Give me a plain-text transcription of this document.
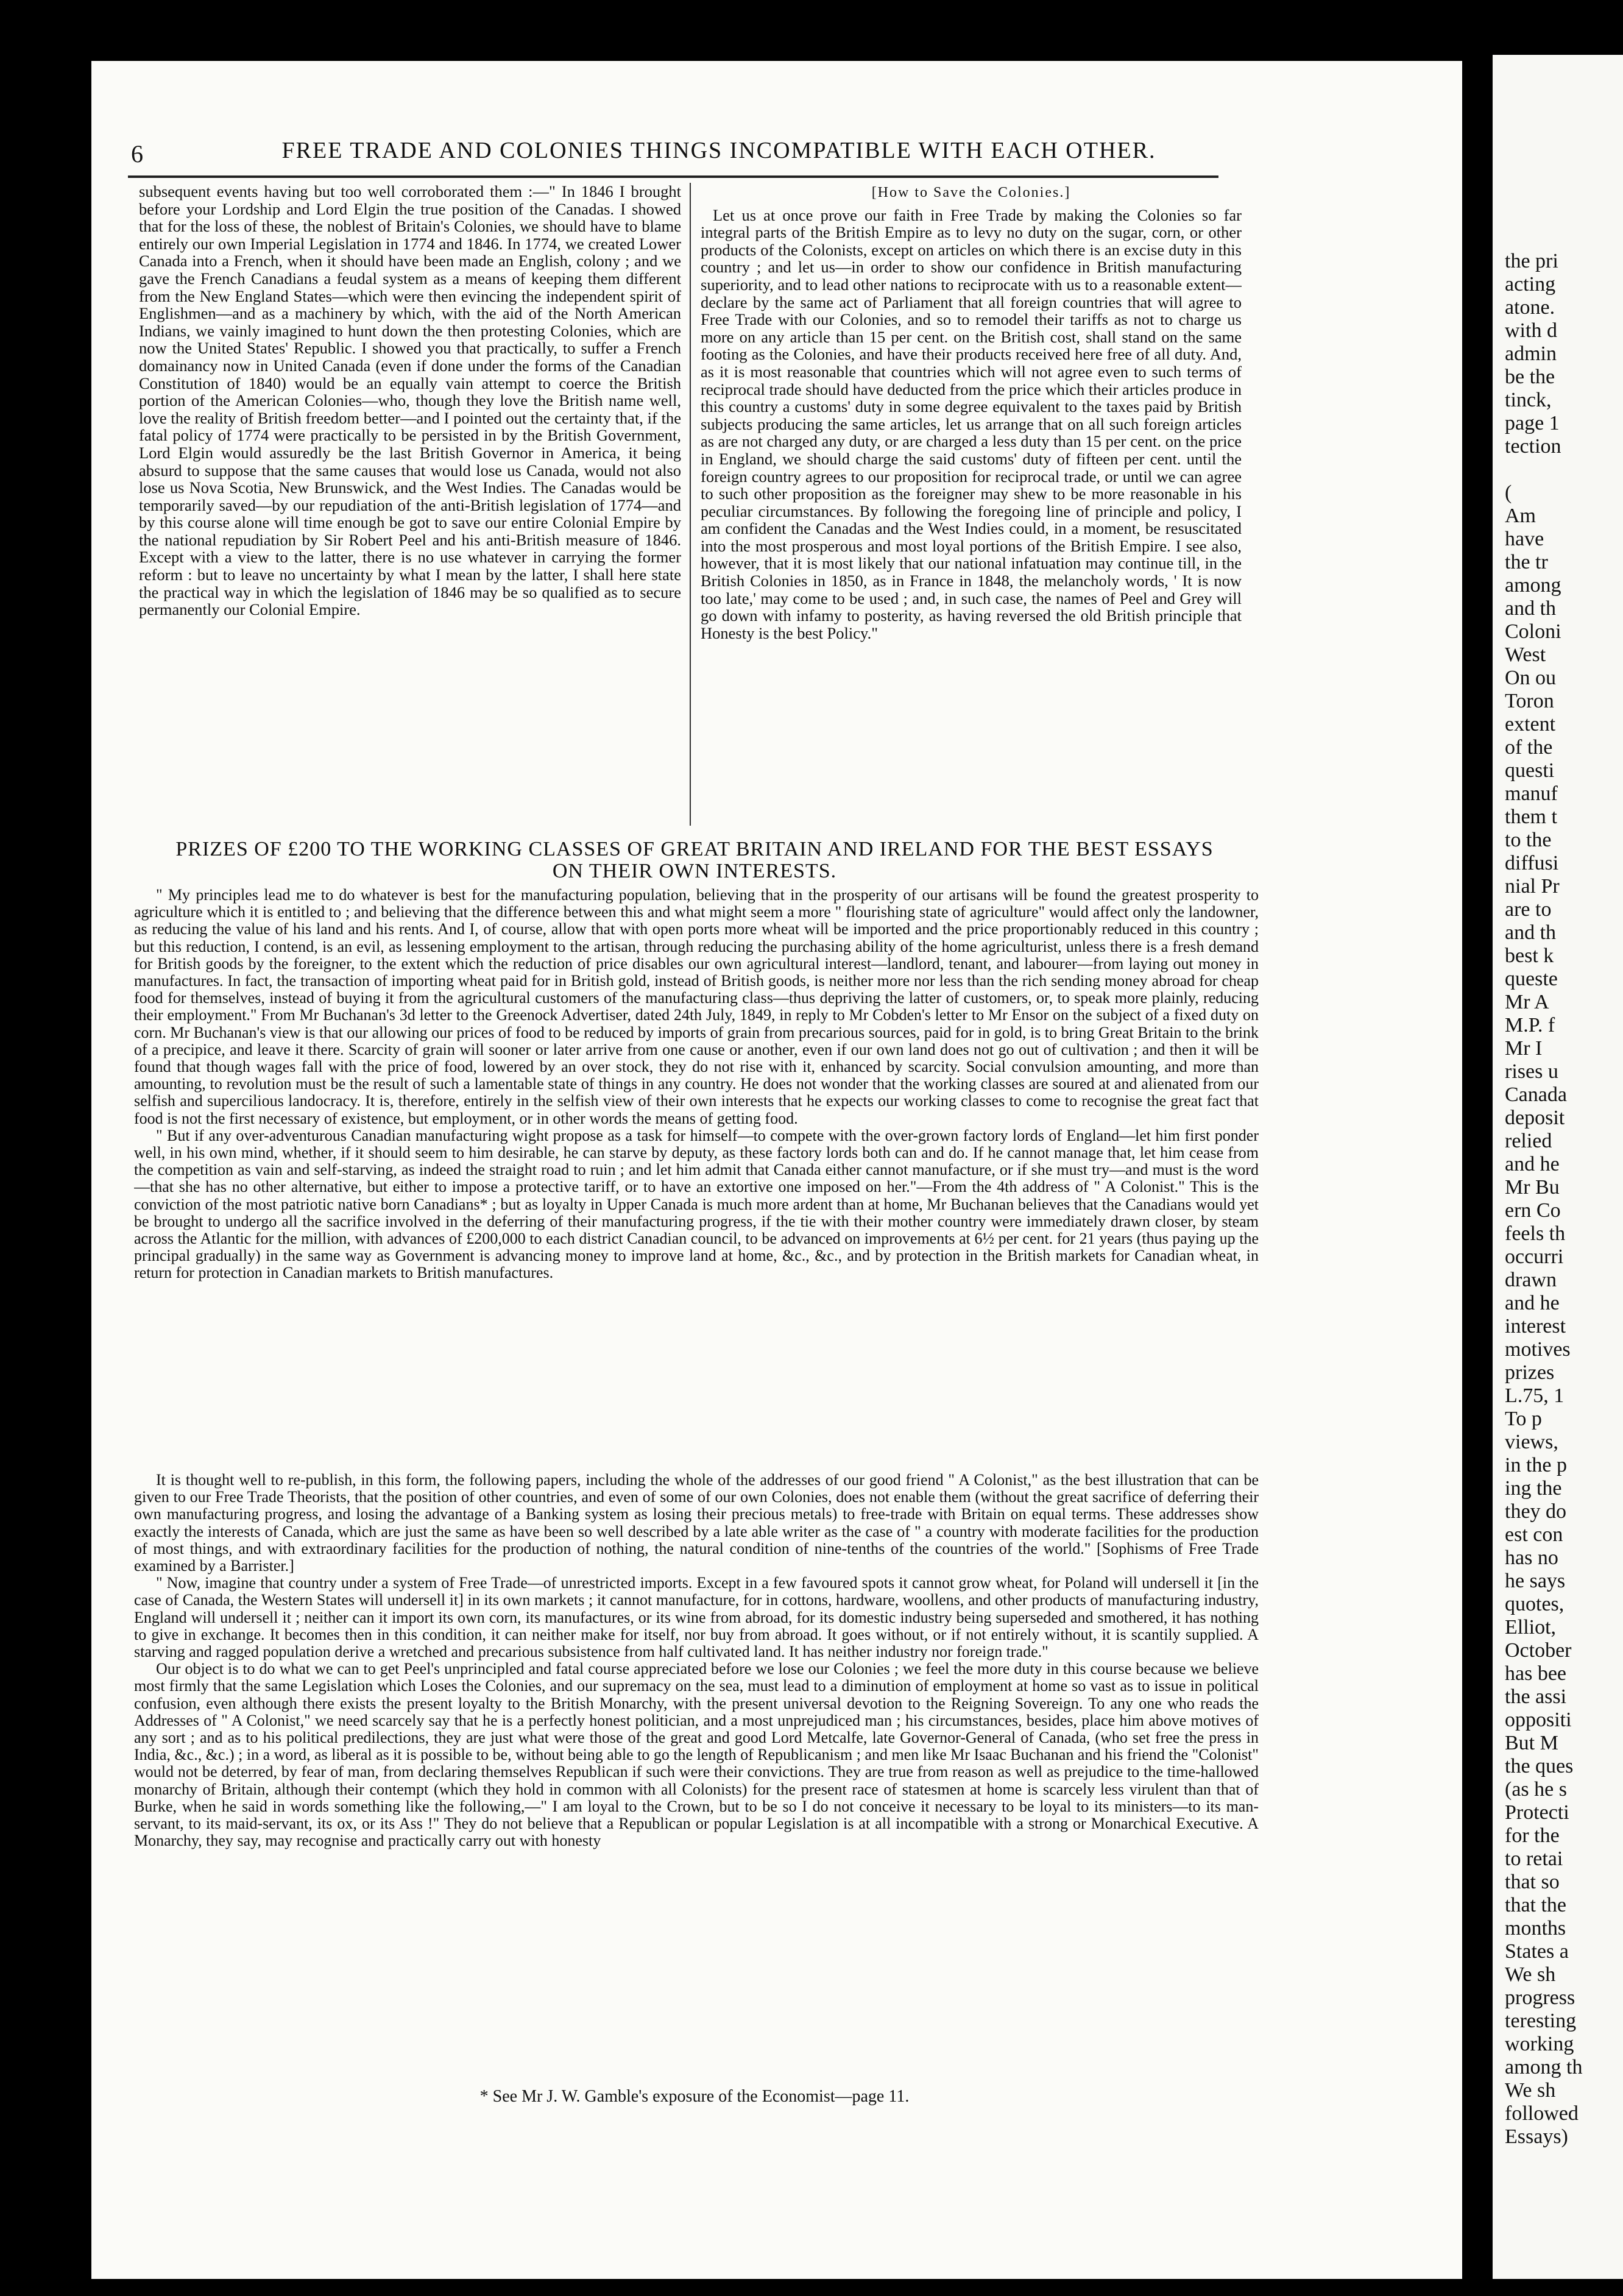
the pri
acting
atone.
with d
admin
be the
tinck,
page 1
tection

(
Am
have
the tr
among
and th
Coloni
West
On ou
Toron
extent
of the
questi
manuf
them t
to the
diffusi
nial Pr
are to
and th
best k
queste
Mr A
M.P. f
Mr I
rises u
Canada
deposit
relied
and he
Mr Bu
ern Co
feels th
occurri
drawn
and he
interest
motives
prizes
L.75, 1
To p
views,
in the p
ing the
they do
est con
has no
he says
quotes,
Elliot,
October
has bee
the assi
oppositi
But M
the ques
(as he s
Protecti
for the
to retai
that so
that the
months
States a
We sh
progress
teresting
working
among th
We sh
followed
Essays)
6	FREE TRADE AND COLONIES THINGS INCOMPATIBLE WITH EACH OTHER.

subsequent events having but too well corroborated them :—" In 1846 I brought before your Lordship and Lord Elgin the true position of the Canadas. I showed that for the loss of these, the noblest of Britain's Colonies, we should have to blame entirely our own Imperial Legislation in 1774 and 1846. In 1774, we created Lower Canada into a French, when it should have been made an English, colony ; and we gave the French Canadians a feudal system as a means of keeping them different from the New England States—which were then evincing the independent spirit of Englishmen—and as a machinery by which, with the aid of the North American Indians, we vainly imagined to hunt down the then protesting Colonies, which are now the United States' Republic. I showed you that practically, to suffer a French domainancy now in United Canada (even if done under the forms of the Canadian Constitution of 1840) would be an equally vain attempt to coerce the British portion of the American Colonies—who, though they love the British name well, love the reality of British freedom better—and I pointed out the certainty that, if the fatal policy of 1774 were practically to be persisted in by the British Government, Lord Elgin would assuredly be the last British Governor in America, it being absurd to suppose that the same causes that would lose us Canada, would not also lose us Nova Scotia, New Brunswick, and the West Indies. The Canadas would be temporarily saved—by our repudiation of the anti-British legislation of 1774—and by this course alone will time enough be got to save our entire Colonial Empire by the national repudiation by Sir Robert Peel and his anti-British measure of 1846. Except with a view to the latter, there is no use whatever in carrying the former reform : but to leave no uncertainty by what I mean by the latter, I shall here state the practical way in which the legislation of 1846 may be so qualified as to secure permanently our Colonial Empire.

[How to Save the Colonies.]

Let us at once prove our faith in Free Trade by making the Colonies so far integral parts of the British Empire as to levy no duty on the sugar, corn, or other products of the Colonists, except on articles on which there is an excise duty in this country ; and let us—in order to show our confidence in British manufacturing superiority, and to lead other nations to reciprocate with us to a reasonable extent—declare by the same act of Parliament that all foreign countries that will agree to Free Trade with our Colonies, and so to remodel their tariffs as not to charge us more on any article than 15 per cent. on the British cost, shall stand on the same footing as the Colonies, and have their products received here free of all duty. And, as it is most reasonable that countries which will not agree even to such terms of reciprocal trade should have deducted from the price which their articles produce in this country a customs' duty in some degree equivalent to the taxes paid by British subjects producing the same articles, let us arrange that on all such foreign articles as are not charged any duty, or are charged a less duty than 15 per cent. on the price in England, we should charge the said customs' duty of fifteen per cent. until the foreign country agrees to our proposition for reciprocal trade, or until we can agree to such other proposition as the foreigner may shew to be more reasonable in his peculiar circumstances. By following the foregoing line of principle and policy, I am confident the Canadas and the West Indies could, in a moment, be resuscitated into the most prosperous and most loyal portions of the British Empire. I see also, however, that it is most likely that our national infatuation may continue till, in the British Colonies in 1850, as in France in 1848, the melancholy words, ' It is now too late,' may come to be used ; and, in such case, the names of Peel and Grey will go down with infamy to posterity, as having reversed the old British principle that Honesty is the best Policy."

PRIZES OF £200 TO THE WORKING CLASSES OF GREAT BRITAIN AND IRELAND FOR THE BEST ESSAYS
ON THEIR OWN INTERESTS.

" My principles lead me to do whatever is best for the manufacturing population, believing that in the prosperity of our artisans will be found the greatest prosperity to agriculture which it is entitled to ; and believing that the difference between this and what might seem a more " flourishing state of agriculture" would affect only the landowner, as reducing the value of his land and his rents. And I, of course, allow that with open ports more wheat will be imported and the price proportionably reduced in this country ; but this reduction, I contend, is an evil, as lessening employment to the artisan, through reducing the purchasing ability of the home agriculturist, unless there is a fresh demand for British goods by the foreigner, to the extent which the reduction of price disables our own agricultural interest—landlord, tenant, and labourer—from laying out money in manufactures. In fact, the transaction of importing wheat paid for in British gold, instead of British goods, is neither more nor less than the rich sending money abroad for cheap food for themselves, instead of buying it from the agricultural customers of the manufacturing class—thus depriving the latter of customers, or, to speak more plainly, reducing their employment." From Mr Buchanan's 3d letter to the Greenock Advertiser, dated 24th July, 1849, in reply to Mr Cobden's letter to Mr Ensor on the subject of a fixed duty on corn. Mr Buchanan's view is that our allowing our prices of food to be reduced by imports of grain from precarious sources, paid for in gold, is to bring Great Britain to the brink of a precipice, and leave it there. Scarcity of grain will sooner or later arrive from one cause or another, even if our own land does not go out of cultivation ; and then it will be found that though wages fall with the price of food, lowered by an over stock, they do not rise with it, enhanced by scarcity. Social convulsion amounting, and more than amounting, to revolution must be the result of such a lamentable state of things in any country. He does not wonder that the working classes are soured at and alienated from our selfish and supercilious landocracy. It is, therefore, entirely in the selfish view of their own interests that he expects our working classes to come to recognise the great fact that food is not the first necessary of existence, but employment, or in other words the means of getting food.

" But if any over-adventurous Canadian manufacturing wight propose as a task for himself—to compete with the over-grown factory lords of England—let him first ponder well, in his own mind, whether, if it should seem to him desirable, he can starve by deputy, as these factory lords both can and do. If he cannot manage that, let him cease from the competition as vain and self-starving, as indeed the straight road to ruin ; and let him admit that Canada either cannot manufacture, or if she must try—and must is the word—that she has no other alternative, but either to impose a protective tariff, or to have an extortive one imposed on her."—From the 4th address of " A Colonist." This is the conviction of the most patriotic native born Canadians* ; but as loyalty in Upper Canada is much more ardent than at home, Mr Buchanan believes that the Canadians would yet be brought to undergo all the sacrifice involved in the deferring of their manufacturing progress, if the tie with their mother country were immediately drawn closer, by steam across the Atlantic for the million, with advances of £200,000 to each district Canadian council, to be advanced on improvements at 6½ per cent. for 21 years (thus paying up the principal gradually) in the same way as Government is advancing money to improve land at home, &c., &c., and by protection in the British markets for Canadian wheat, in return for protection in Canadian markets to British manufactures.

It is thought well to re-publish, in this form, the following papers, including the whole of the addresses of our good friend " A Colonist," as the best illustration that can be given to our Free Trade Theorists, that the position of other countries, and even of some of our own Colonies, does not enable them (without the great sacrifice of deferring their own manufacturing progress, and losing the advantage of a Banking system as losing their precious metals) to free-trade with Britain on equal terms. These addresses show exactly the interests of Canada, which are just the same as have been so well described by a late able writer as the case of " a country with moderate facilities for the production of most things, and with extraordinary facilities for the production of nothing, the natural condition of nine-tenths of the countries of the world." [Sophisms of Free Trade examined by a Barrister.]

" Now, imagine that country under a system of Free Trade—of unrestricted imports. Except in a few favoured spots it cannot grow wheat, for Poland will undersell it [in the case of Canada, the Western States will undersell it] in its own markets ; it cannot manufacture, for in cottons, hardware, woollens, and other products of manufacturing industry, England will undersell it ; neither can it import its own corn, its manufactures, or its wine from abroad, for its domestic industry being superseded and smothered, it has nothing to give in exchange. It becomes then in this condition, it can neither make for itself, nor buy from abroad. It goes without, or if not entirely without, it is scantily supplied. A starving and ragged population derive a wretched and precarious subsistence from half cultivated land. It has neither industry nor foreign trade."

Our object is to do what we can to get Peel's unprincipled and fatal course appreciated before we lose our Colonies ; we feel the more duty in this course because we believe most firmly that the same Legislation which Loses the Colonies, and our supremacy on the sea, must lead to a diminution of employment at home so vast as to issue in political confusion, even although there exists the present loyalty to the British Monarchy, with the present universal devotion to the Reigning Sovereign. To any one who reads the Addresses of " A Colonist," we need scarcely say that he is a perfectly honest politician, and a most unprejudiced man ; his circumstances, besides, place him above motives of any sort ; and as to his political predilections, they are just what were those of the great and good Lord Metcalfe, late Governor-General of Canada, (who set free the press in India, &c., &c.) ; in a word, as liberal as it is possible to be, without being able to go the length of Republicanism ; and men like Mr Isaac Buchanan and his friend the "Colonist" would not be deterred, by fear of man, from declaring themselves Republican if such were their convictions. They are true from reason as well as prejudice to the time-hallowed monarchy of Britain, although their contempt (which they hold in common with all Colonists) for the present race of statesmen at home is scarcely less virulent than that of Burke, when he said in words something like the following,—" I am loyal to the Crown, but to be so I do not conceive it necessary to be loyal to its ministers—to its man-servant, to its maid-servant, its ox, or its Ass !" They do not believe that a Republican or popular Legislation is at all incompatible with a strong or Monarchical Executive. A Monarchy, they say, may recognise and practically carry out with honesty

* See Mr J. W. Gamble's exposure of the Economist—page 11.
